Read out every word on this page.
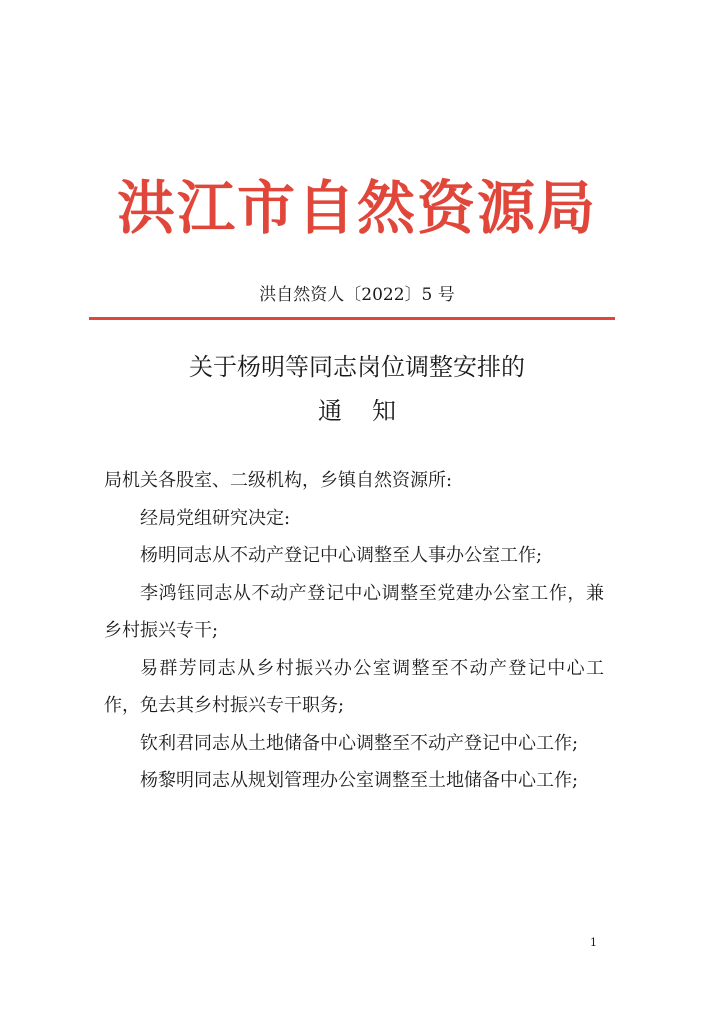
洪江市自然资源局
洪自然资人〔2022〕5 号
关于杨明等同志岗位调整安排的
通知

局机关各股室、二级机构，乡镇自然资源所:

经局党组研究决定:

杨明同志从不动产登记中心调整至人事办公室工作;

李鸿钰同志从不动产登记中心调整至党建办公室工作，兼乡村振兴专干;

易群芳同志从乡村振兴办公室调整至不动产登记中心工作，免去其乡村振兴专干职务;

钦利君同志从土地储备中心调整至不动产登记中心工作;

杨黎明同志从规划管理办公室调整至土地储备中心工作;

1
